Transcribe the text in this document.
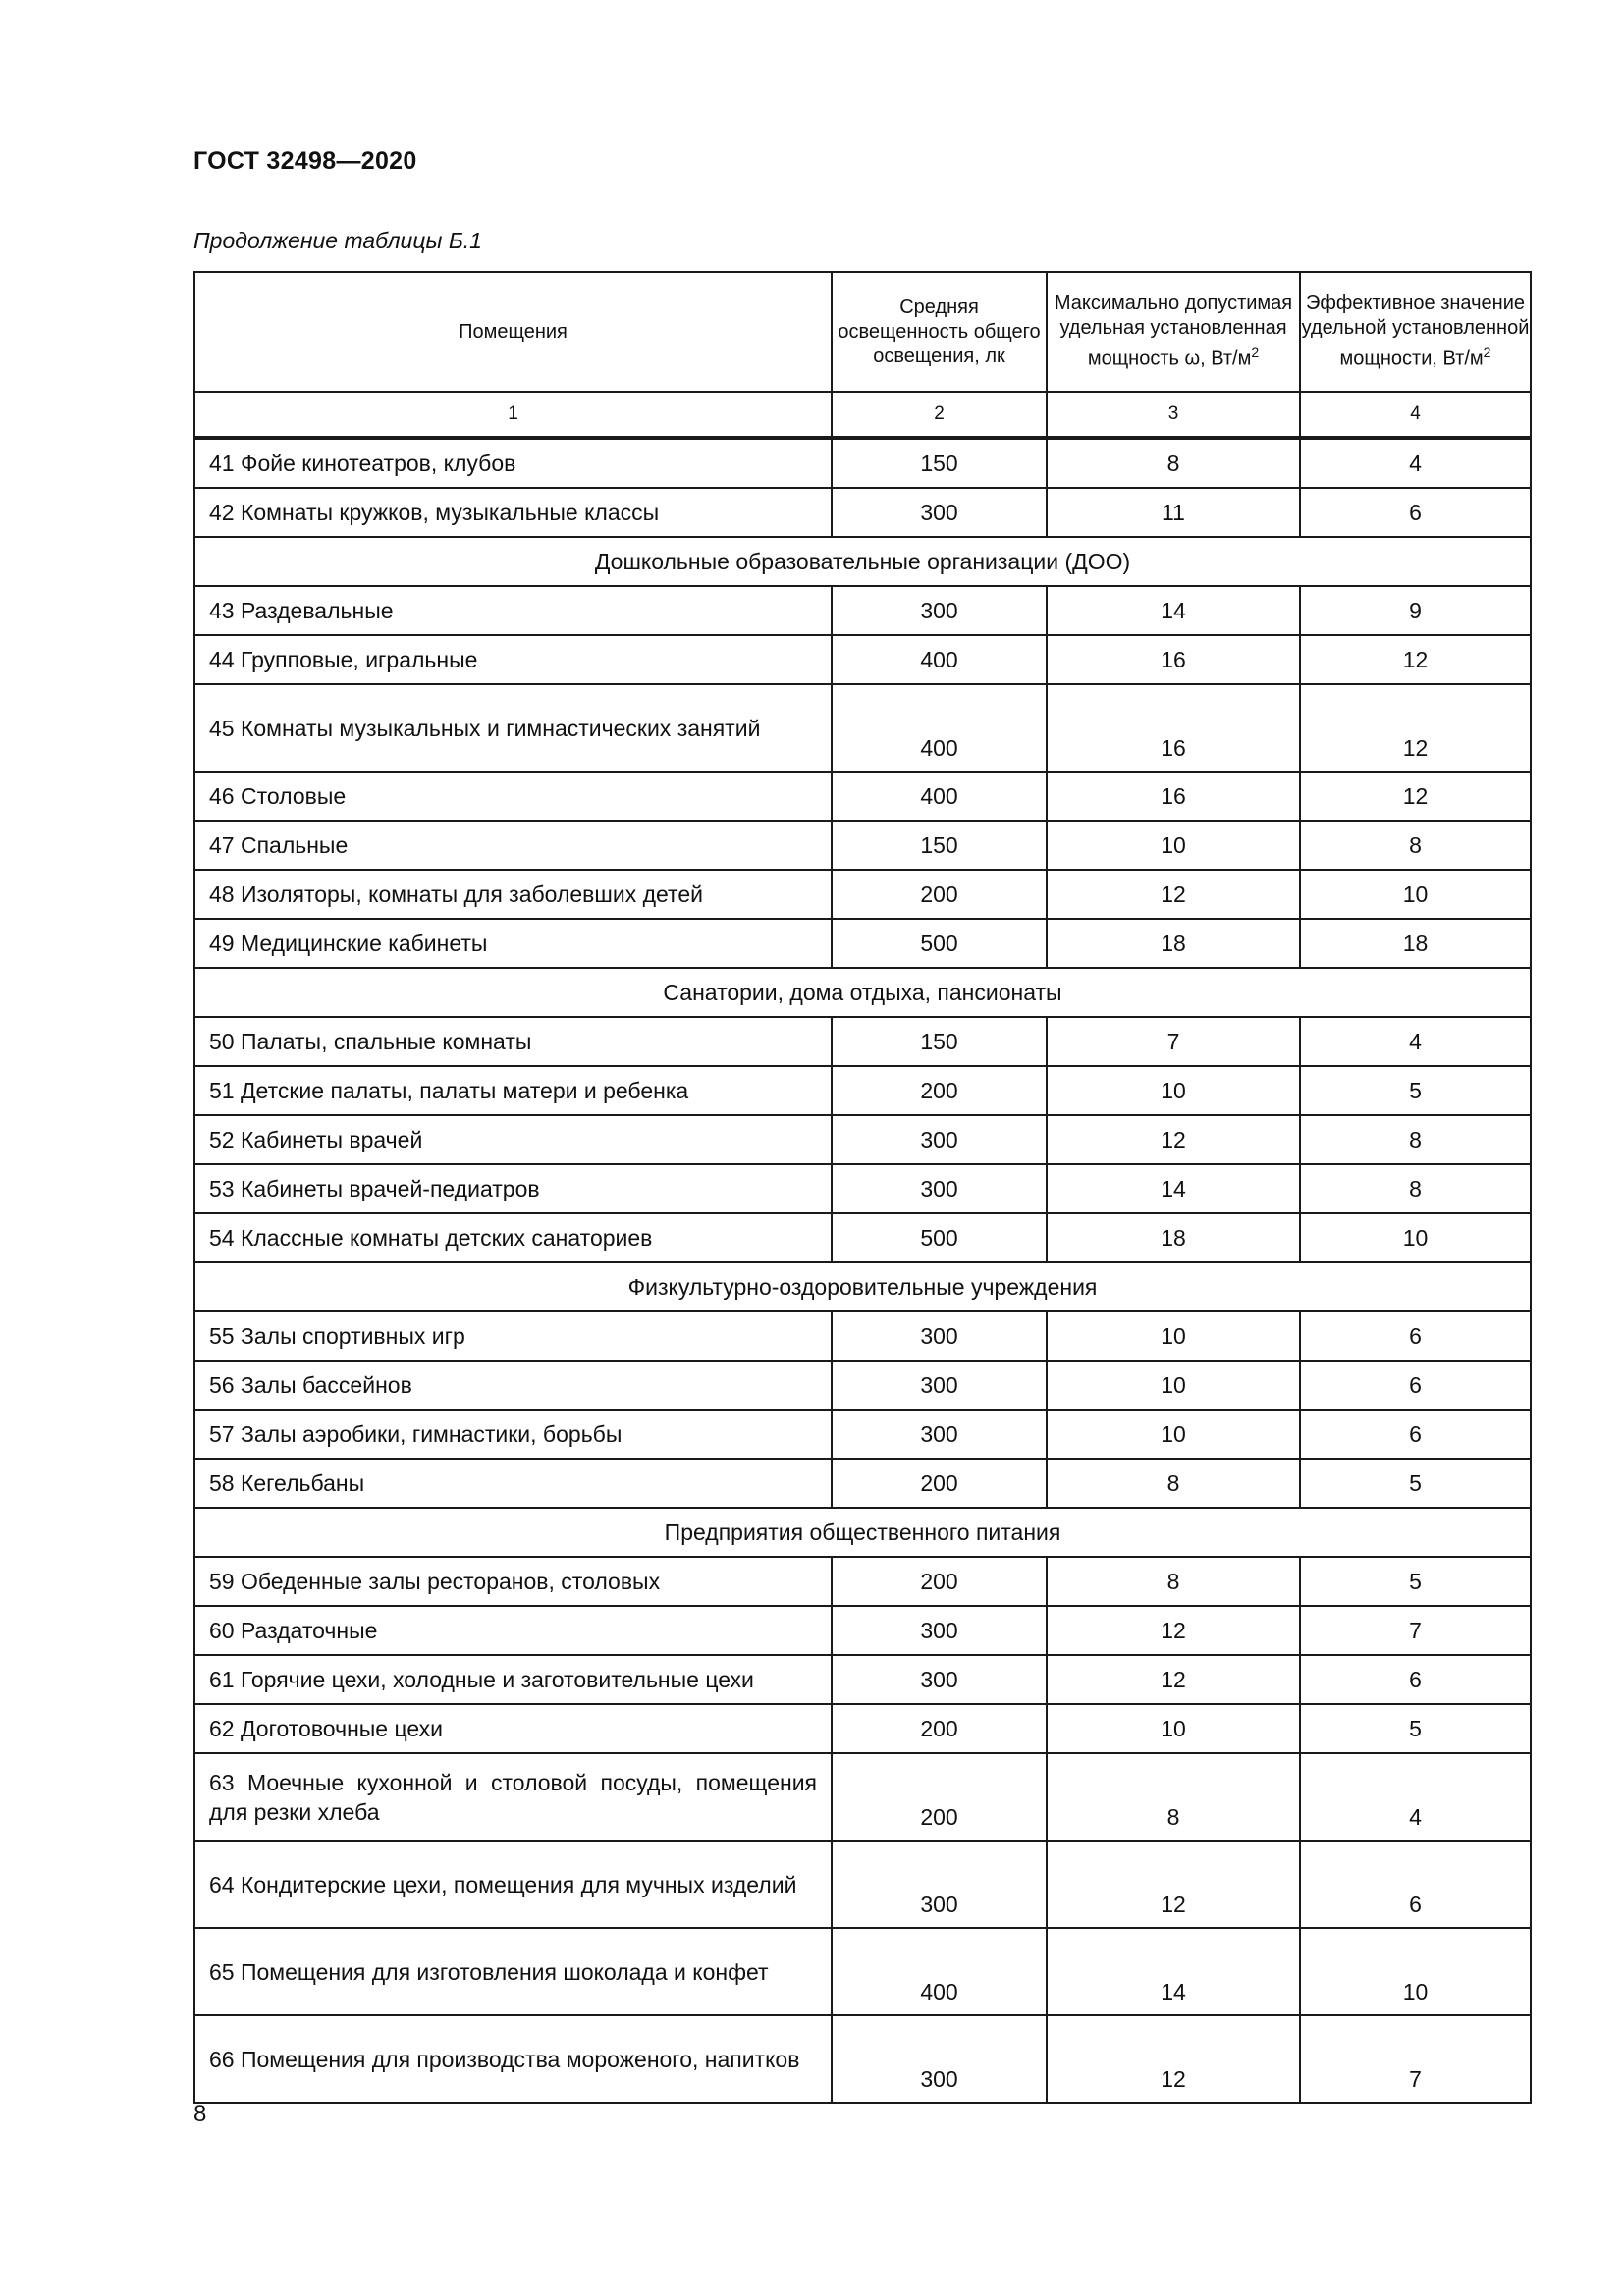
ГОСТ 32498—2020
Продолжение таблицы Б.1
Помещения	Средняя освещенность общего освещения, лк	Максимально допустимая удельная установленная мощность ω, $Вт/м^2$	Эффективное значение удельной установленной мощности, $Вт/м^2$
1	2	3	4
41 Фойе кинотеатров, клубов	150	8	4
42 Комнаты кружков, музыкальные классы	300	11	6
Дошкольные образовательные организации (ДОО)			
43 Раздевальные	300	14	9
44 Групповые, игральные	400	16	12
45 Комнаты музыкальных и гимнастических занятий	400	16	12
46 Столовые	400	16	12
47 Спальные	150	10	8
48 Изоляторы, комнаты для заболевших детей	200	12	10
49 Медицинские кабинеты	500	18	18
Санатории, дома отдыха, пансионаты			
50 Палаты, спальные комнаты	150	7	4
51 Детские палаты, палаты матери и ребенка	200	10	5
52 Кабинеты врачей	300	12	8
53 Кабинеты врачей-педиатров	300	14	8
54 Классные комнаты детских санаториев	500	18	10
Физкультурно-оздоровительные учреждения			
55 Залы спортивных игр	300	10	6
56 Залы бассейнов	300	10	6
57 Залы аэробики, гимнастики, борьбы	300	10	6
58 Кегельбаны	200	8	5
Предприятия общественного питания			
59 Обеденные залы ресторанов, столовых	200	8	5
60 Раздаточные	300	12	7
61 Горячие цехи, холодные и заготовительные цехи	300	12	6
62 Доготовочные цехи	200	10	5
63 Моечные кухонной и столовой посуды, помещения для резки хлеба	200	8	4
64 Кондитерские цехи, помещения для мучных изделий	300	12	6
65 Помещения для изготовления шоколада и конфет	400	14	10
66 Помещения для производства мороженого, напитков	300	12	7
8
